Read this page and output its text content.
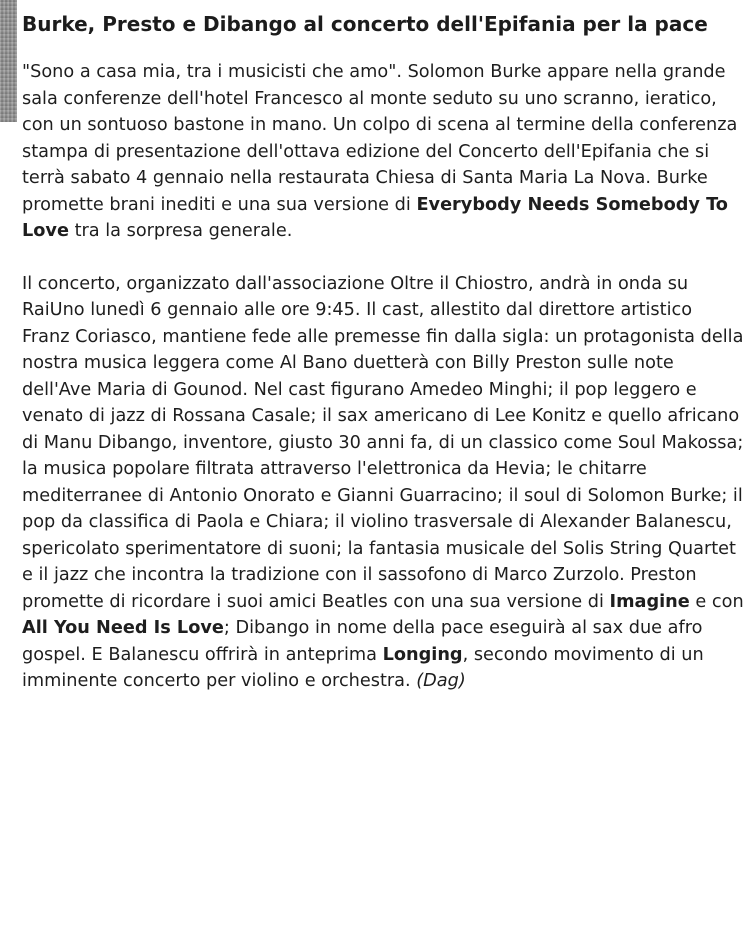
Burke, Presto e Dibango al concerto dell'Epifania per la pace

"Sono a casa mia, tra i musicisti che amo". Solomon Burke appare nella grande sala conferenze dell'hotel Francesco al monte seduto su uno scranno, ieratico, con un sontuoso bastone in mano. Un colpo di scena al termine della conferenza stampa di presentazione dell'ottava edizione del Concerto dell'Epifania che si terrà sabato 4 gennaio nella restaurata Chiesa di Santa Maria La Nova. Burke promette brani inediti e una sua versione di Everybody Needs Somebody To Love tra la sorpresa generale.

Il concerto, organizzato dall'associazione Oltre il Chiostro, andrà in onda su RaiUno lunedì 6 gennaio alle ore 9:45. Il cast, allestito dal direttore artistico Franz Coriasco, mantiene fede alle premesse fin dalla sigla: un protagonista della nostra musica leggera come Al Bano duetterà con Billy Preston sulle note dell'Ave Maria di Gounod. Nel cast figurano Amedeo Minghi; il pop leggero e venato di jazz di Rossana Casale; il sax americano di Lee Konitz e quello africano di Manu Dibango, inventore, giusto 30 anni fa, di un classico come Soul Makossa; la musica popolare filtrata attraverso l'elettronica da Hevia; le chitarre mediterranee di Antonio Onorato e Gianni Guarracino; il soul di Solomon Burke; il pop da classifica di Paola e Chiara; il violino trasversale di Alexander Balanescu, spericolato sperimentatore di suoni; la fantasia musicale del Solis String Quartet e il jazz che incontra la tradizione con il sassofono di Marco Zurzolo. Preston promette di ricordare i suoi amici Beatles con una sua versione di Imagine e con All You Need Is Love; Dibango in nome della pace eseguirà al sax due afro gospel. E Balanescu offrirà in anteprima Longing, secondo movimento di un imminente concerto per violino e orchestra. (Dag)
